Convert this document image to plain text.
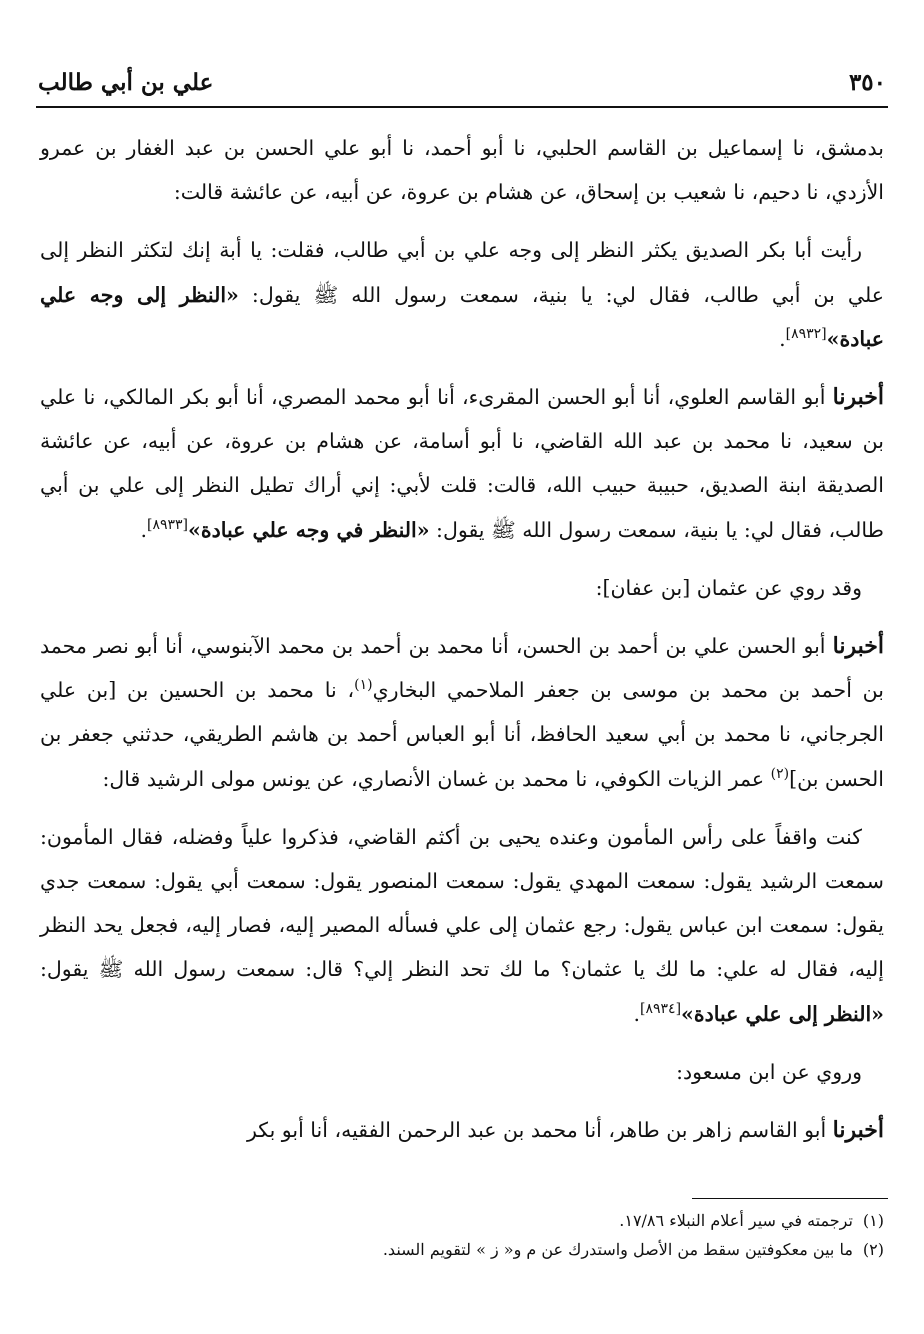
٣٥٠
علي بن أبي طالب

بدمشق، نا إسماعيل بن القاسم الحلبي، نا أبو أحمد، نا أبو علي الحسن بن عبد الغفار بن عمرو الأزدي، نا دحيم، نا شعيب بن إسحاق، عن هشام بن عروة، عن أبيه، عن عائشة قالت:

رأيت أبا بكر الصديق يكثر النظر إلى وجه علي بن أبي طالب، فقلت: يا أبة إنك لتكثر النظر إلى علي بن أبي طالب، فقال لي: يا بنية، سمعت رسول الله ﷺ يقول: «النظر إلى وجه علي عبادة»[٨٩٣٢].

أخبرنا أبو القاسم العلوي، أنا أبو الحسن المقرىء، أنا أبو محمد المصري، أنا أبو بكر المالكي، نا علي بن سعيد، نا محمد بن عبد الله القاضي، نا أبو أسامة، عن هشام بن عروة، عن أبيه، عن عائشة الصديقة ابنة الصديق، حبيبة حبيب الله، قالت: قلت لأبي: إني أراك تطيل النظر إلى علي بن أبي طالب، فقال لي: يا بنية، سمعت رسول الله ﷺ يقول: «النظر في وجه علي عبادة»[٨٩٣٣].

وقد روي عن عثمان [بن عفان]:

أخبرنا أبو الحسن علي بن أحمد بن الحسن، أنا محمد بن أحمد بن محمد الآبنوسي، أنا أبو نصر محمد بن أحمد بن محمد بن موسى بن جعفر الملاحمي البخاري$^{(١)}$، نا محمد بن الحسين بن [بن علي الجرجاني، نا محمد بن أبي سعيد الحافظ، أنا أبو العباس أحمد بن هاشم الطريقي، حدثني جعفر بن الحسن بن]$^{(٢)}$ عمر الزيات الكوفي، نا محمد بن غسان الأنصاري، عن يونس مولى الرشيد قال:

كنت واقفاً على رأس المأمون وعنده يحيى بن أكثم القاضي، فذكروا علياً وفضله، فقال المأمون: سمعت الرشيد يقول: سمعت المهدي يقول: سمعت المنصور يقول: سمعت أبي يقول: سمعت جدي يقول: سمعت ابن عباس يقول: رجع عثمان إلى علي فسأله المصير إليه، فصار إليه، فجعل يحد النظر إليه، فقال له علي: ما لك يا عثمان؟ ما لك تحد النظر إلي؟ قال: سمعت رسول الله ﷺ يقول: «النظر إلى علي عبادة»[٨٩٣٤].

وروي عن ابن مسعود:

أخبرنا أبو القاسم زاهر بن طاهر، أنا محمد بن عبد الرحمن الفقيه، أنا أبو بكر

(١)ترجمته في سير أعلام النبلاء ١٧/٨٦.

(٢)ما بين معكوفتين سقط من الأصل واستدرك عن م و« ز » لتقويم السند.
